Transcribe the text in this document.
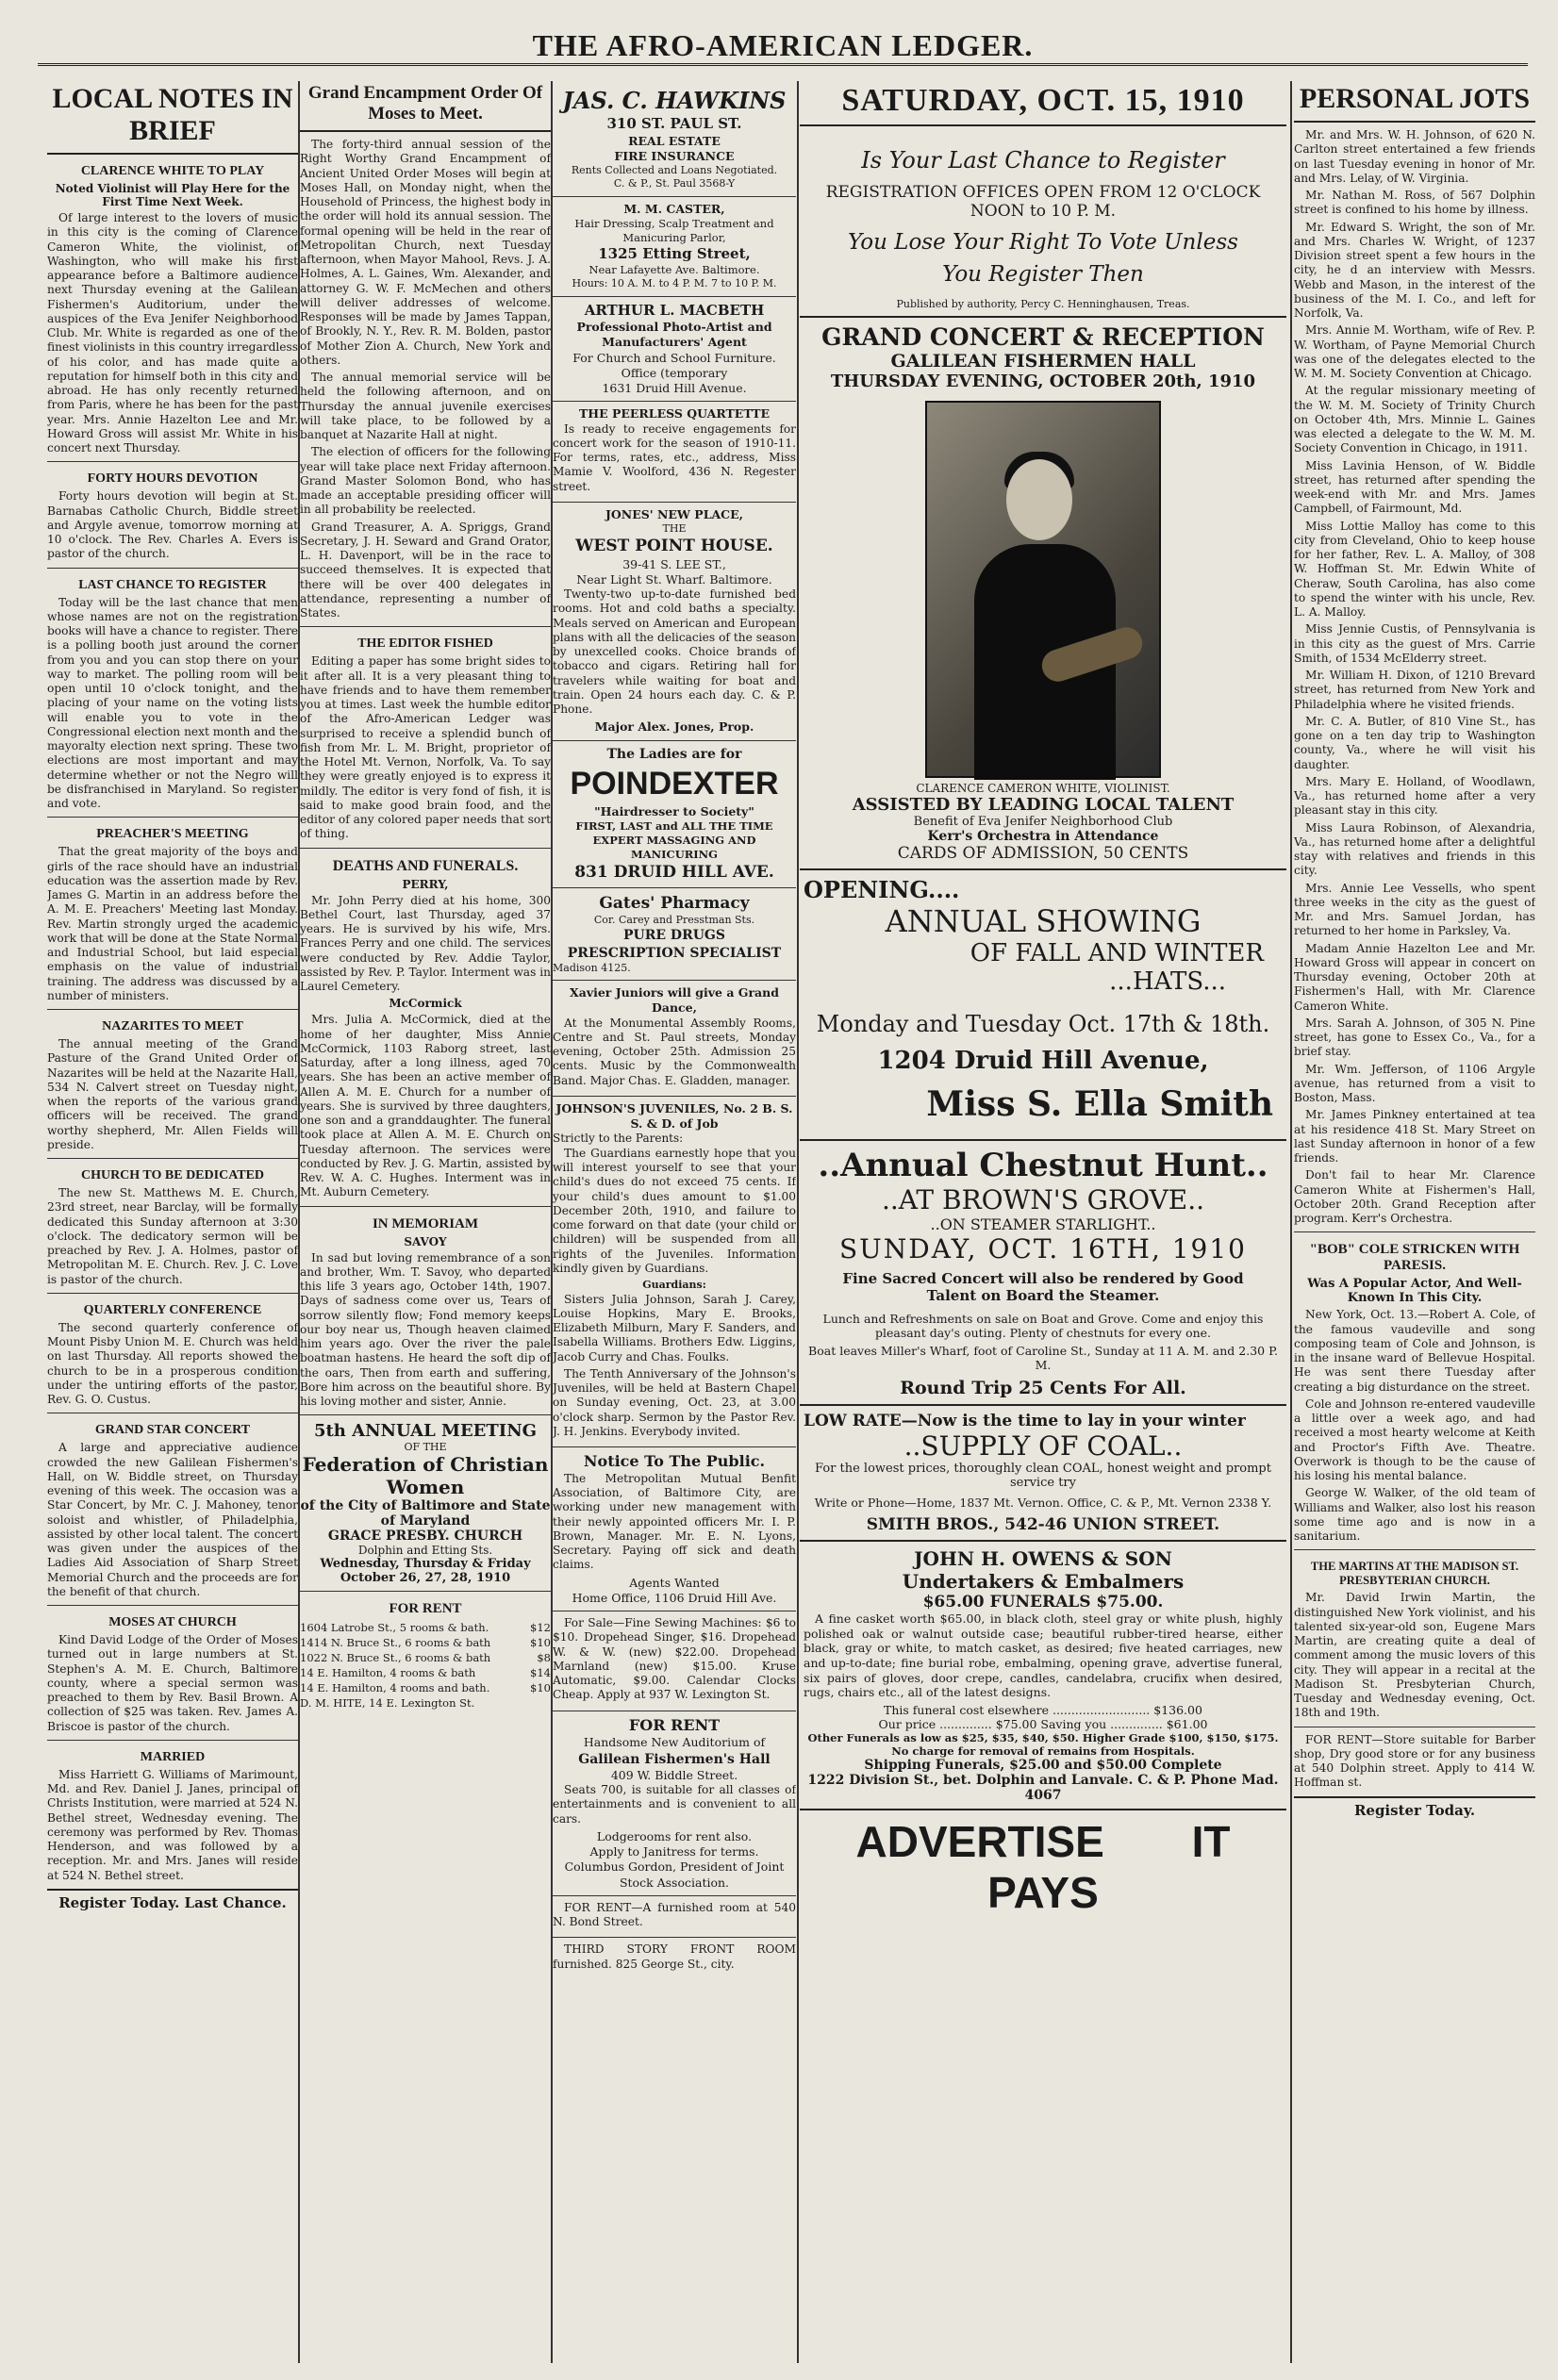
THE AFRO-AMERICAN LEDGER.
LOCAL NOTES IN BRIEF
CLARENCE WHITE TO PLAY
Noted Violinist will Play Here for the First Time Next Week.

Of large interest to the lovers of music in this city is the coming of Clarence Cameron White, the violinist, of Washington, who will make his first appearance before a Baltimore audience next Thursday evening at the Galilean Fishermen's Auditorium, under the auspices of the Eva Jenifer Neighborhood Club. Mr. White is regarded as one of the finest violinists in this country irregardless of his color, and has made quite a reputation for himself both in this city and abroad. He has only recently returned from Paris, where he has been for the past year. Mrs. Annie Hazelton Lee and Mr. Howard Gross will assist Mr. White in his concert next Thursday.

FORTY HOURS DEVOTION

Forty hours devotion will begin at St. Barnabas Catholic Church, Biddle street and Argyle avenue, tomorrow morning at 10 o'clock. The Rev. Charles A. Evers is pastor of the church.

LAST CHANCE TO REGISTER

Today will be the last chance that men whose names are not on the registration books will have a chance to register. There is a polling booth just around the corner from you and you can stop there on your way to market. The polling room will be open until 10 o'clock tonight, and the placing of your name on the voting lists will enable you to vote in the Congressional election next month and the mayoralty election next spring. These two elections are most important and may determine whether or not the Negro will be disfranchised in Maryland. So register and vote.

PREACHER'S MEETING

That the great majority of the boys and girls of the race should have an industrial education was the assertion made by Rev. James G. Martin in an address before the A. M. E. Preachers' Meeting last Monday. Rev. Martin strongly urged the academic work that will be done at the State Normal and Industrial School, but laid especial emphasis on the value of industrial training. The address was discussed by a number of ministers.

NAZARITES TO MEET

The annual meeting of the Grand Pasture of the Grand United Order of Nazarites will be held at the Nazarite Hall, 534 N. Calvert street on Tuesday night, when the reports of the various grand officers will be received. The grand worthy shepherd, Mr. Allen Fields will preside.

CHURCH TO BE DEDICATED

The new St. Matthews M. E. Church, 23rd street, near Barclay, will be formally dedicated this Sunday afternoon at 3:30 o'clock. The dedicatory sermon will be preached by Rev. J. A. Holmes, pastor of Metropolitan M. E. Church. Rev. J. C. Love is pastor of the church.

QUARTERLY CONFERENCE

The second quarterly conference of Mount Pisby Union M. E. Church was held on last Thursday. All reports showed the church to be in a prosperous condition under the untiring efforts of the pastor, Rev. G. O. Custus.

GRAND STAR CONCERT

A large and appreciative audience crowded the new Galilean Fishermen's Hall, on W. Biddle street, on Thursday evening of this week. The occasion was a Star Concert, by Mr. C. J. Mahoney, tenor soloist and whistler, of Philadelphia, assisted by other local talent. The concert was given under the auspices of the Ladies Aid Association of Sharp Street Memorial Church and the proceeds are for the benefit of that church.

MOSES AT CHURCH

Kind David Lodge of the Order of Moses turned out in large numbers at St. Stephen's A. M. E. Church, Baltimore county, where a special sermon was preached to them by Rev. Basil Brown. A collection of $25 was taken. Rev. James A. Briscoe is pastor of the church.

MARRIED

Miss Harriett G. Williams of Marimount, Md. and Rev. Daniel J. Janes, principal of Christs Institution, were married at 524 N. Bethel street, Wednesday evening. The ceremony was performed by Rev. Thomas Henderson, and was followed by a reception. Mr. and Mrs. Janes will reside at 524 N. Bethel street.

Register Today. Last Chance.
Grand Encampment Order Of Moses to Meet.

The forty-third annual session of the Right Worthy Grand Encampment of Ancient United Order Moses will begin at Moses Hall, on Monday night, when the Household of Princess, the highest body in the order will hold its annual session. The formal opening will be held in the rear of Metropolitan Church, next Tuesday afternoon, when Mayor Mahool, Revs. J. A. Holmes, A. L. Gaines, Wm. Alexander, and attorney G. W. F. McMechen and others will deliver addresses of welcome. Responses will be made by James Tappan, of Brookly, N. Y., Rev. R. M. Bolden, pastor of Mother Zion A. Church, New York and others.

The annual memorial service will be held the following afternoon, and on Thursday the annual juvenile exercises will take place, to be followed by a banquet at Nazarite Hall at night.

The election of officers for the following year will take place next Friday afternoon. Grand Master Solomon Bond, who has made an acceptable presiding officer will in all probability be reelected.

Grand Treasurer, A. A. Spriggs, Grand Secretary, J. H. Seward and Grand Orator, L. H. Davenport, will be in the race to succeed themselves. It is expected that there will be over 400 delegates in attendance, representing a number of States.

THE EDITOR FISHED

Editing a paper has some bright sides to it after all. It is a very pleasant thing to have friends and to have them remember you at times. Last week the humble editor of the Afro-American Ledger was surprised to receive a splendid bunch of fish from Mr. L. M. Bright, proprietor of the Hotel Mt. Vernon, Norfolk, Va. To say they were greatly enjoyed is to express it mildly. The editor is very fond of fish, it is said to make good brain food, and the editor of any colored paper needs that sort of thing.

DEATHS AND FUNERALS.
PERRY,

Mr. John Perry died at his home, 300 Bethel Court, last Thursday, aged 37 years. He is survived by his wife, Mrs. Frances Perry and one child. The services were conducted by Rev. Addie Taylor, assisted by Rev. P. Taylor. Interment was in Laurel Cemetery.

McCormick

Mrs. Julia A. McCormick, died at the home of her daughter, Miss Annie McCormick, 1103 Raborg street, last Saturday, after a long illness, aged 70 years. She has been an active member of Allen A. M. E. Church for a number of years. She is survived by three daughters, one son and a granddaughter. The funeral took place at Allen A. M. E. Church on Tuesday afternoon. The services were conducted by Rev. J. G. Martin, assisted by Rev. W. A. C. Hughes. Interment was in Mt. Auburn Cemetery.

IN MEMORIAM
SAVOY

In sad but loving remembrance of a son and brother, Wm. T. Savoy, who departed this life 3 years ago, October 14th, 1907. Days of sadness come over us, Tears of sorrow silently flow; Fond memory keeps our boy near us, Though heaven claimed him years ago. Over the river the pale boatman hastens. He heard the soft dip of the oars, Then from earth and suffering, Bore him across on the beautiful shore. By his loving mother and sister, Annie.

5th ANNUAL MEETING
OF THE
Federation of Christian Women
of the City of Baltimore and State of Maryland
GRACE PRESBY. CHURCH
Dolphin and Etting Sts.
Wednesday, Thursday & Friday
October 26, 27, 28, 1910
FOR RENT
1604 Latrobe St., 5 rooms & bath.	$12
1414 N. Bruce St., 6 rooms & bath	$10
1022 N. Bruce St., 6 rooms & bath	$8
14 E. Hamilton, 4 rooms & bath	$14
14 E. Hamilton, 4 rooms and bath.	$10
D. M. HITE, 14 E. Lexington St.	
JAS. C. HAWKINS
310 ST. PAUL ST.
REAL ESTATE
FIRE INSURANCE
Rents Collected and Loans Negotiated.
C. & P., St. Paul 3568-Y
M. M. CASTER,
Hair Dressing, Scalp Treatment and Manicuring Parlor,
1325 Etting Street,
Near Lafayette Ave. Baltimore.
Hours: 10 A. M. to 4 P. M. 7 to 10 P. M.
ARTHUR L. MACBETH
Professional Photo-Artist and Manufacturers' Agent
For Church and School Furniture.
Office (temporary
1631 Druid Hill Avenue.
THE PEERLESS QUARTETTE

Is ready to receive engagements for concert work for the season of 1910-11. For terms, rates, etc., address, Miss Mamie V. Woolford, 436 N. Regester street.

JONES' NEW PLACE,
THE
WEST POINT HOUSE.
39-41 S. LEE ST.,
Near Light St. Wharf. Baltimore.

Twenty-two up-to-date furnished bed rooms. Hot and cold baths a specialty. Meals served on American and European plans with all the delicacies of the season by unexcelled cooks. Choice brands of tobacco and cigars. Retiring hall for travelers while waiting for boat and train. Open 24 hours each day. C. & P. Phone.

Major Alex. Jones, Prop.
The Ladies are for
POINDEXTER
"Hairdresser to Society"
FIRST, LAST and ALL THE TIME
EXPERT MASSAGING AND MANICURING
831 DRUID HILL AVE.
Gates' Pharmacy
Cor. Carey and Presstman Sts.
PURE DRUGS
PRESCRIPTION SPECIALIST
Madison 4125.
Xavier Juniors will give a Grand Dance,

At the Monumental Assembly Rooms, Centre and St. Paul streets, Monday evening, October 25th. Admission 25 cents. Music by the Commonwealth Band. Major Chas. E. Gladden, manager.

JOHNSON'S JUVENILES, No. 2 B. S. S. & D. of Job
Strictly to the Parents:

The Guardians earnestly hope that you will interest yourself to see that your child's dues do not exceed 75 cents. If your child's dues amount to $1.00 December 20th, 1910, and failure to come forward on that date (your child or children) will be suspended from all rights of the Juveniles. Information kindly given by Guardians.

Guardians:

Sisters Julia Johnson, Sarah J. Carey, Louise Hopkins, Mary E. Brooks, Elizabeth Milburn, Mary F. Sanders, and Isabella Williams. Brothers Edw. Liggins, Jacob Curry and Chas. Foulks.

The Tenth Anniversary of the Johnson's Juveniles, will be held at Bastern Chapel on Sunday evening, Oct. 23, at 3.00 o'clock sharp. Sermon by the Pastor Rev. J. H. Jenkins. Everybody invited.

Notice To The Public.

The Metropolitan Mutual Benfit Association, of Baltimore City, are working under new management with their newly appointed officers Mr. I. P. Brown, Manager. Mr. E. N. Lyons, Secretary. Paying off sick and death claims.

Agents Wanted
Home Office, 1106 Druid Hill Ave.

For Sale—Fine Sewing Machines: $6 to $10. Dropehead Singer, $16. Dropehead W. & W. (new) $22.00. Dropehead Marnland (new) $15.00. Kruse Automatic, $9.00. Calendar Clocks Cheap. Apply at 937 W. Lexington St.

FOR RENT
Handsome New Auditorium of
Galilean Fishermen's Hall
409 W. Biddle Street.

Seats 700, is suitable for all classes of entertainments and is convenient to all cars.

Lodgerooms for rent also.
Apply to Janitress for terms.
Columbus Gordon, President of Joint Stock Association.

FOR RENT—A furnished room at 540 N. Bond Street.

THIRD STORY FRONT ROOM furnished. 825 George St., city.

SATURDAY, OCT. 15, 1910
Is Your Last Chance to Register
REGISTRATION OFFICES OPEN FROM 12 O'CLOCK NOON to 10 P. M.
You Lose Your Right To Vote Unless
You Register Then
Published by authority, Percy C. Henninghausen, Treas.
GRAND CONCERT & RECEPTION
GALILEAN FISHERMEN HALL
THURSDAY EVENING, OCTOBER 20th, 1910
CLARENCE CAMERON WHITE, VIOLINIST.
ASSISTED BY LEADING LOCAL TALENT
Benefit of Eva Jenifer Neighborhood Club
Kerr's Orchestra in Attendance
CARDS OF ADMISSION, 50 CENTS
OPENING....
ANNUAL SHOWING
OF FALL AND WINTER
...HATS...
Monday and Tuesday Oct. 17th & 18th.
1204 Druid Hill Avenue,
Miss S. Ella Smith
..Annual Chestnut Hunt..
..AT BROWN'S GROVE..
..ON STEAMER STARLIGHT..
SUNDAY, OCT. 16TH, 1910
Fine Sacred Concert will also be rendered by Good Talent on Board the Steamer.
Lunch and Refreshments on sale on Boat and Grove. Come and enjoy this pleasant day's outing. Plenty of chestnuts for every one.
Boat leaves Miller's Wharf, foot of Caroline St., Sunday at 11 A. M. and 2.30 P. M.
Round Trip 25 Cents For All.
LOW RATE—Now is the time to lay in your winter
..SUPPLY OF COAL..
For the lowest prices, thoroughly clean COAL, honest weight and prompt service try
Write or Phone—Home, 1837 Mt. Vernon. Office, C. & P., Mt. Vernon 2338 Y.
SMITH BROS., 542-46 UNION STREET.
JOHN H. OWENS & SON
Undertakers & Embalmers
$65.00 FUNERALS $75.00.

A fine casket worth $65.00, in black cloth, steel gray or white plush, highly polished oak or walnut outside case; beautiful rubber-tired hearse, either black, gray or white, to match casket, as desired; five heated carriages, new and up-to-date; fine burial robe, embalming, opening grave, advertise funeral, six pairs of gloves, door crepe, candles, candelabra, crucifix when desired, rugs, chairs etc., all of the latest designs.

This funeral cost elsewhere .......................... $136.00
Our price .............. $75.00 Saving you .............. $61.00
Other Funerals as low as $25, $35, $40, $50. Higher Grade $100, $150, $175.
No charge for removal of remains from Hospitals.
Shipping Funerals, $25.00 and $50.00 Complete
1222 Division St., bet. Dolphin and Lanvale. C. & P. Phone Mad. 4067
ADVERTISE IT PAYS
PERSONAL JOTS

Mr. and Mrs. W. H. Johnson, of 620 N. Carlton street entertained a few friends on last Tuesday evening in honor of Mr. and Mrs. Lelay, of W. Virginia.

Mr. Nathan M. Ross, of 567 Dolphin street is confined to his home by illness.

Mr. Edward S. Wright, the son of Mr. and Mrs. Charles W. Wright, of 1237 Division street spent a few hours in the city, he d an interview with Messrs. Webb and Mason, in the interest of the business of the M. I. Co., and left for Norfolk, Va.

Mrs. Annie M. Wortham, wife of Rev. P. W. Wortham, of Payne Memorial Church was one of the delegates elected to the W. M. M. Society Convention at Chicago.

At the regular missionary meeting of the W. M. M. Society of Trinity Church on October 4th, Mrs. Minnie L. Gaines was elected a delegate to the W. M. M. Society Convention in Chicago, in 1911.

Miss Lavinia Henson, of W. Biddle street, has returned after spending the week-end with Mr. and Mrs. James Campbell, of Fairmount, Md.

Miss Lottie Malloy has come to this city from Cleveland, Ohio to keep house for her father, Rev. L. A. Malloy, of 308 W. Hoffman St. Mr. Edwin White of Cheraw, South Carolina, has also come to spend the winter with his uncle, Rev. L. A. Malloy.

Miss Jennie Custis, of Pennsylvania is in this city as the guest of Mrs. Carrie Smith, of 1534 McElderry street.

Mr. William H. Dixon, of 1210 Brevard street, has returned from New York and Philadelphia where he visited friends.

Mr. C. A. Butler, of 810 Vine St., has gone on a ten day trip to Washington county, Va., where he will visit his daughter.

Mrs. Mary E. Holland, of Woodlawn, Va., has returned home after a very pleasant stay in this city.

Miss Laura Robinson, of Alexandria, Va., has returned home after a delightful stay with relatives and friends in this city.

Mrs. Annie Lee Vessells, who spent three weeks in the city as the guest of Mr. and Mrs. Samuel Jordan, has returned to her home in Parksley, Va.

Madam Annie Hazelton Lee and Mr. Howard Gross will appear in concert on Thursday evening, October 20th at Fishermen's Hall, with Mr. Clarence Cameron White.

Mrs. Sarah A. Johnson, of 305 N. Pine street, has gone to Essex Co., Va., for a brief stay.

Mr. Wm. Jefferson, of 1106 Argyle avenue, has returned from a visit to Boston, Mass.

Mr. James Pinkney entertained at tea at his residence 418 St. Mary Street on last Sunday afternoon in honor of a few friends.

Don't fail to hear Mr. Clarence Cameron White at Fishermen's Hall, October 20th. Grand Reception after program. Kerr's Orchestra.

"BOB" COLE STRICKEN WITH PARESIS.
Was A Popular Actor, And Well-Known In This City.

New York, Oct. 13.—Robert A. Cole, of the famous vaudeville and song composing team of Cole and Johnson, is in the insane ward of Bellevue Hospital. He was sent there Tuesday after creating a big disturdance on the street.

Cole and Johnson re-entered vaudeville a little over a week ago, and had received a most hearty welcome at Keith and Proctor's Fifth Ave. Theatre. Overwork is though to be the cause of his losing his mental balance.

George W. Walker, of the old team of Williams and Walker, also lost his reason some time ago and is now in a sanitarium.

THE MARTINS AT THE MADISON ST. PRESBYTERIAN CHURCH.

Mr. David Irwin Martin, the distinguished New York violinist, and his talented six-year-old son, Eugene Mars Martin, are creating quite a deal of comment among the music lovers of this city. They will appear in a recital at the Madison St. Presbyterian Church, Tuesday and Wednesday evening, Oct. 18th and 19th.

FOR RENT—Store suitable for Barber shop, Dry good store or for any business at 540 Dolphin street. Apply to 414 W. Hoffman st.

Register Today.
